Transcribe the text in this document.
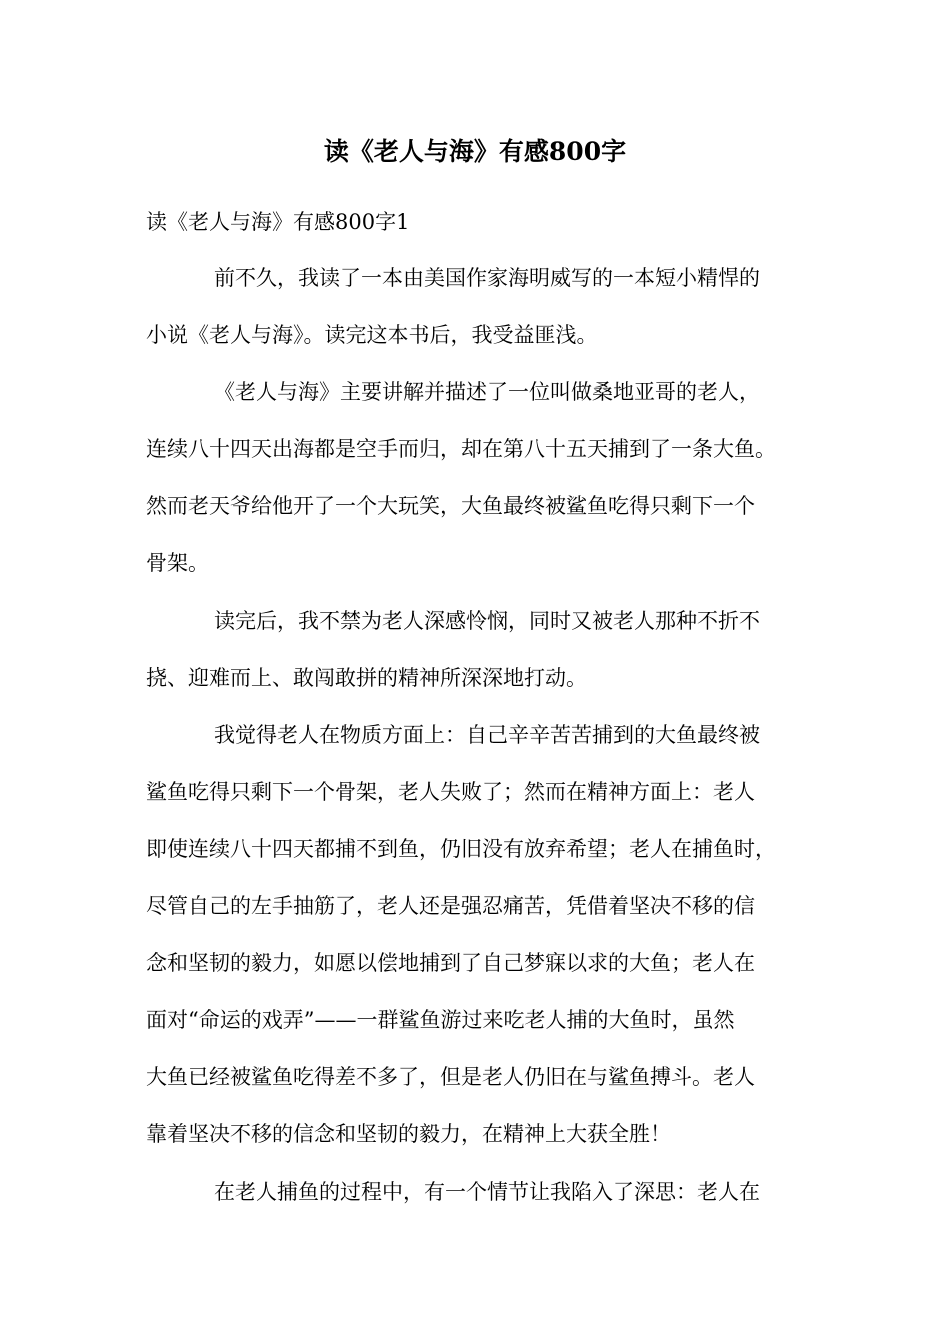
读《老人与海》有感800字
读《老人与海》有感800字1
前不久，我读了一本由美国作家海明威写的一本短小精悍的
小说《老人与海》。读完这本书后，我受益匪浅。
《老人与海》主要讲解并描述了一位叫做桑地亚哥的老人，
连续八十四天出海都是空手而归，却在第八十五天捕到了一条大鱼。
然而老天爷给他开了一个大玩笑，大鱼最终被鲨鱼吃得只剩下一个
骨架。
读完后，我不禁为老人深感怜悯，同时又被老人那种不折不
挠、迎难而上、敢闯敢拼的精神所深深地打动。
我觉得老人在物质方面上：自己辛辛苦苦捕到的大鱼最终被
鲨鱼吃得只剩下一个骨架，老人失败了；然而在精神方面上：老人
即使连续八十四天都捕不到鱼，仍旧没有放弃希望；老人在捕鱼时，
尽管自己的左手抽筋了，老人还是强忍痛苦，凭借着坚决不移的信
念和坚韧的毅力，如愿以偿地捕到了自己梦寐以求的大鱼；老人在
面对“命运的戏弄”——一群鲨鱼游过来吃老人捕的大鱼时，虽然
大鱼已经被鲨鱼吃得差不多了，但是老人仍旧在与鲨鱼搏斗。老人
靠着坚决不移的信念和坚韧的毅力，在精神上大获全胜！
在老人捕鱼的过程中，有一个情节让我陷入了深思：老人在
